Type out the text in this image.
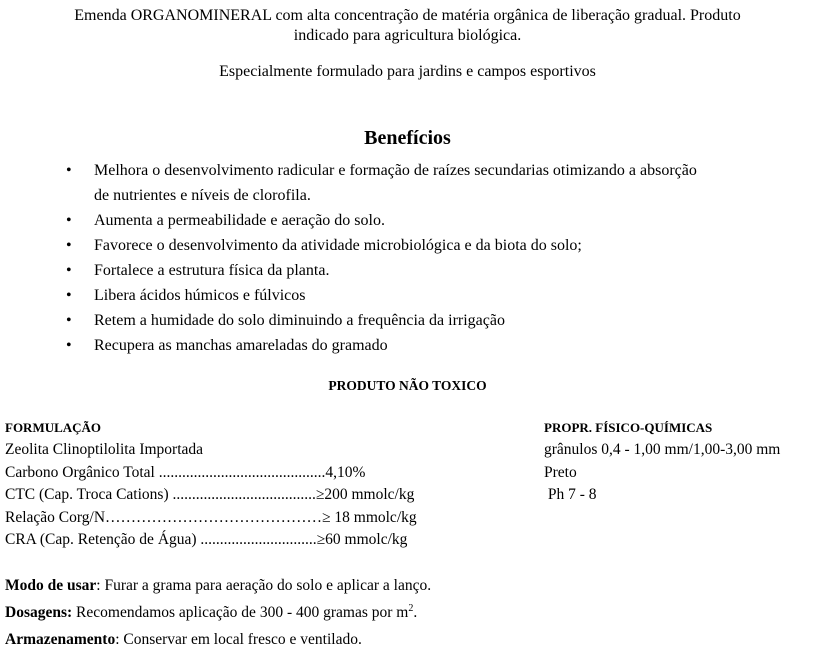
Emenda ORGANOMINERAL com alta concentração de matéria orgânica de liberação gradual. Produto
indicado para agricultura biológica.
Especialmente formulado para jardins e campos esportivos
Benefícios
• Melhora o desenvolvimento radicular e formação de raízes secundarias otimizando a absorção
de nutrientes e níveis de clorofila.
• Aumenta a permeabilidade e aeração do solo.
• Favorece o desenvolvimento da atividade microbiológica e da biota do solo;
• Fortalece a estrutura física da planta.
• Libera ácidos húmicos e fúlvicos
• Retem a humidade do solo diminuindo a frequência da irrigação
• Recupera as manchas amareladas do gramado
PRODUTO NÃO TOXICO
FORMULAÇÃO
Zeolita Clinoptilolita Importada
Carbono Orgânico Total ...........................................4,10%
CTC (Cap. Troca Cations) .....................................≥200 mmolc/kg
Relação Corg/N……………………………………≥ 18 mmolc/kg
CRA (Cap. Retenção de Água) ..............................≥60 mmolc/kg
PROPR. FÍSICO-QUÍMICAS
grânulos 0,4 - 1,00 mm/1,00-3,00 mm
Preto
Ph 7 - 8
Modo de usar: Furar a grama para aeração do solo e aplicar a lanço.
Dosagens: Recomendamos aplicação de 300 - 400 gramas por $m^2$.
Armazenamento: Conservar em local fresco e ventilado.
